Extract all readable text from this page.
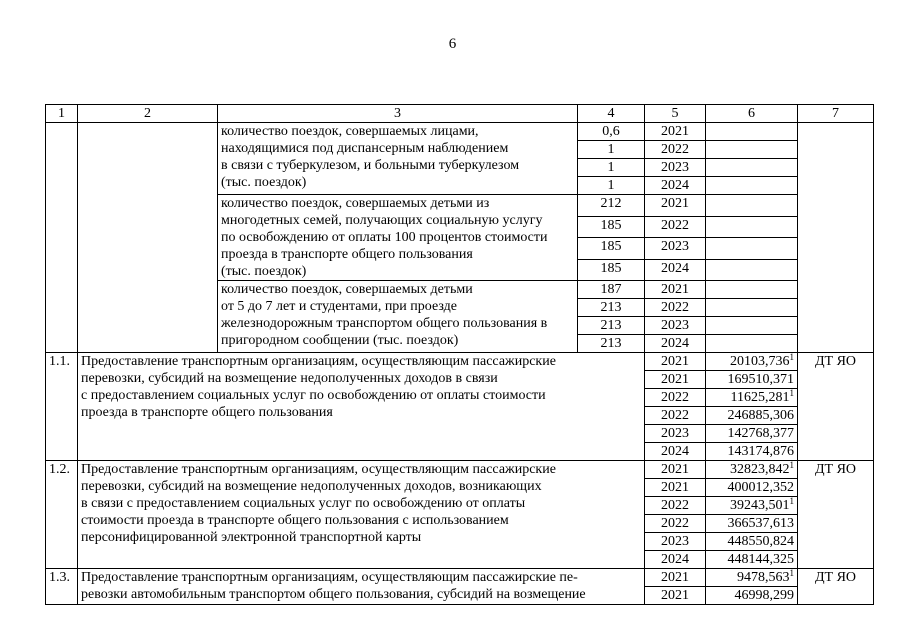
6
1	2	3	4	5	6	7
		количество поездок, совершаемых лицами,
находящимися под диспансерным наблюдением
в связи с туберкулезом, и больными туберкулезом
(тыс. поездок)	0,6	2021		
			1	2022		
			1	2023		
			1	2024		
		количество поездок, совершаемых детьми из
многодетных семей, получающих социальную услугу
по освобождению от оплаты 100 процентов стоимости
проезда в транспорте общего пользования
(тыс. поездок)	212	2021		
			185	2022		
			185	2023		
			185	2024		
		количество поездок, совершаемых детьми
от 5 до 7 лет и студентами, при проезде
железнодорожным транспортом общего пользования в
пригородном сообщении (тыс. поездок)	187	2021		
			213	2022		
			213	2023		
			213	2024		
1.1.	Предоставление транспортным организациям, осуществляющим пассажирские
перевозки, субсидий на возмещение недополученных доходов в связи
с предоставлением социальных услуг по освобождению от оплаты стоимости
проезда в транспорте общего пользования			2021	20103,736$^1$	ДТ ЯО
				2021	169510,371	
				2022	11625,281$^1$
				2022	246885,306	
				2023	142768,377	
				2024	143174,876	
1.2.	Предоставление транспортным организациям, осуществляющим пассажирские
перевозки, субсидий на возмещение недополученных доходов, возникающих
в связи с предоставлением социальных услуг по освобождению от оплаты
стоимости проезда в транспорте общего пользования с использованием
персонифицированной электронной транспортной карты			2021	32823,842$^1$	ДТ ЯО
				2021	400012,352	
				2022	39243,501$^1$
				2022	366537,613	
				2023	448550,824	
				2024	448144,325	
1.3.	Предоставление транспортным организациям, осуществляющим пассажирские пе-
ревозки автомобильным транспортом общего пользования, субсидий на возмещение			2021	9478,563$^1$	ДТ ЯО
				2021	46998,299	
